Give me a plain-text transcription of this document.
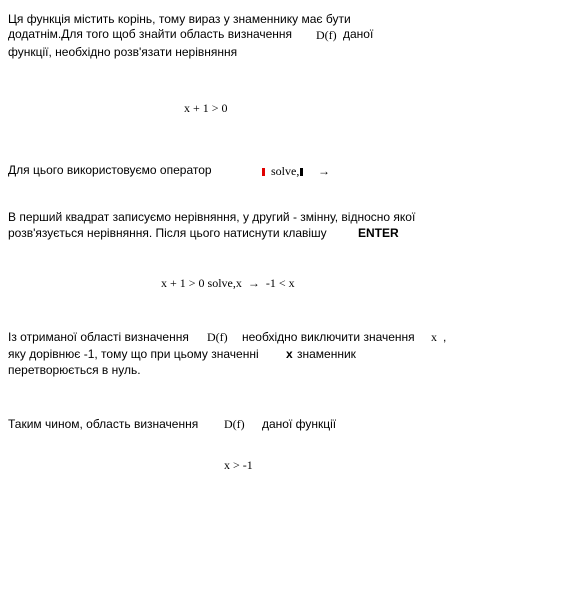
Ця функція містить корінь, тому вираз у знаменнику має бути
додатнім.Для того щоб знайти область визначення D(f) даної
функції, необхідно розв'язати нерівняння
x + 1 > 0
Для цього використовуємо оператор	solve,	→
В перший квадрат записуємо нерівняння, у другий - змінну, відносно якої
розв'язується нерівняння. Після цього натиснути клавішу	ENTER
x + 1 > 0 solve,x → -1 < x
Із отриманої області визначення D(f) необхідно виключити значення x ,
яку дорівнює -1, тому що при цьому значенні x знаменник
перетворюється в нуль.
Таким чином, область визначення D(f) даної функції
x > -1
